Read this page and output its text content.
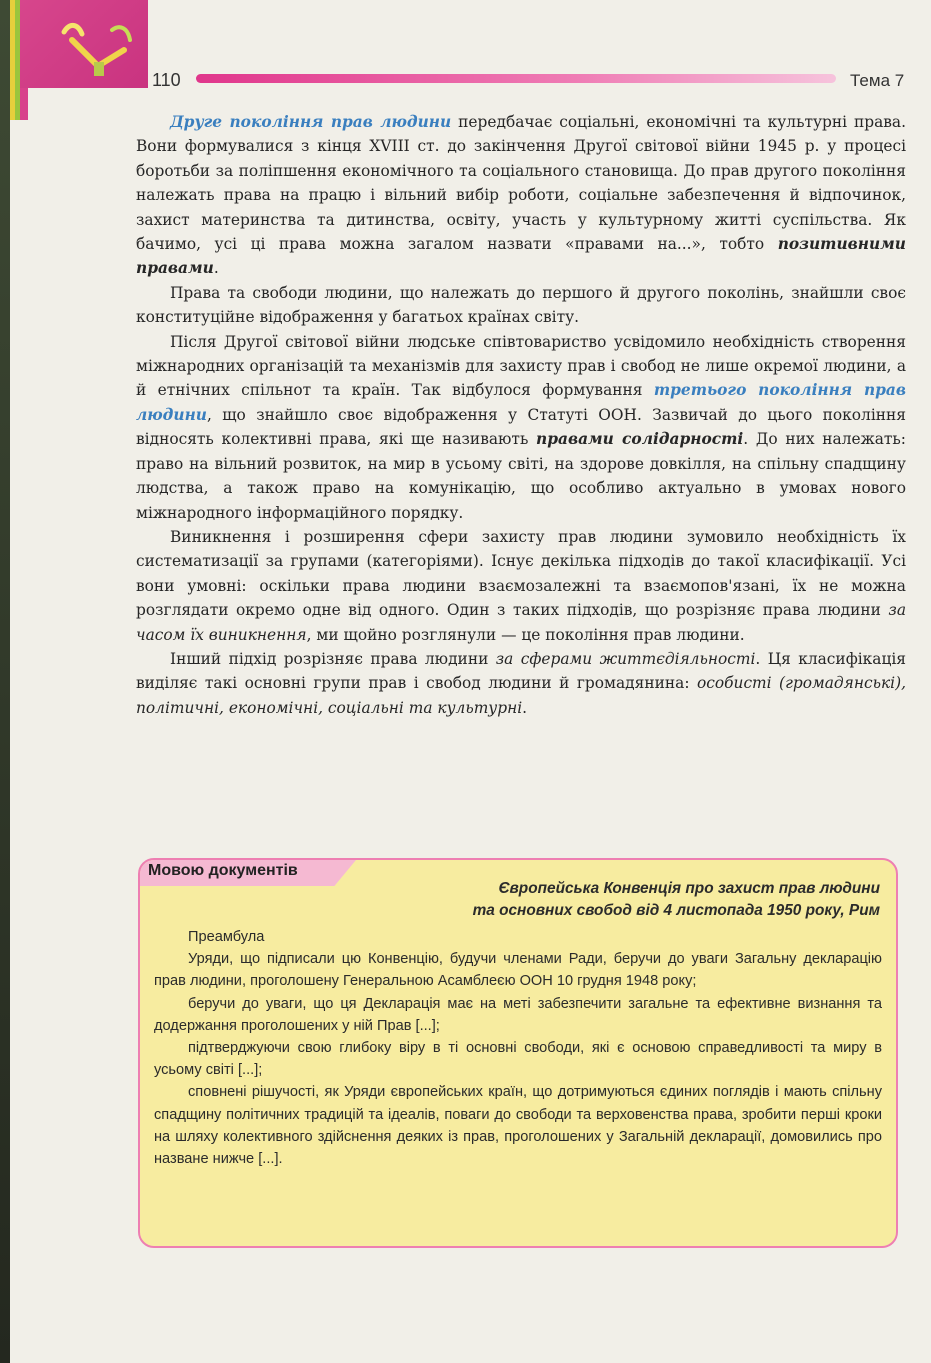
110	Тема 7

Друге покоління прав людини передбачає соціальні, економічні та культурні права. Вони формувалися з кінця XVIII ст. до закінчення Другої світової війни 1945 р. у процесі боротьби за поліпшення економічного та соціального становища. До прав другого покоління належать права на працю і вільний вибір роботи, соціальне забезпечення й відпочинок, захист материнства та дитинства, освіту, участь у культурному житті суспільства. Як бачимо, усі ці права можна загалом назвати «правами на...», тобто позитивними правами.

Права та свободи людини, що належать до першого й другого поколінь, знайшли своє конституційне відображення у багатьох країнах світу.

Після Другої світової війни людське співтовариство усвідомило необхідність створення міжнародних організацій та механізмів для захисту прав і свобод не лише окремої людини, а й етнічних спільнот та країн. Так відбулося формування третього покоління прав людини, що знайшло своє відображення у Статуті ООН. Зазвичай до цього покоління відносять колективні права, які ще називають правами солідарності. До них належать: право на вільний розвиток, на мир в усьому світі, на здорове довкілля, на спільну спадщину людства, а також право на комунікацію, що особливо актуально в умовах нового міжнародного інформаційного порядку.

Виникнення і розширення сфери захисту прав людини зумовило необхідність їх систематизації за групами (категоріями). Існує декілька підходів до такої класифікації. Усі вони умовні: оскільки права людини взаємозалежні та взаємопов'язані, їх не можна розглядати окремо одне від одного. Один з таких підходів, що розрізняє права людини за часом їх виникнення, ми щойно розглянули — це покоління прав людини.

Інший підхід розрізняє права людини за сферами життєдіяльності. Ця класифікація виділяє такі основні групи прав і свобод людини й громадянина: особисті (громадянські), політичні, економічні, соціальні та культурні.

Мовою документів
Європейська Конвенція про захист прав людини
та основних свобод від 4 листопада 1950 року, Рим

Преамбула

Уряди, що підписали цю Конвенцію, будучи членами Ради, беручи до уваги Загальну декларацію прав людини, проголошену Генеральною Асамблеєю ООН 10 грудня 1948 року;

беручи до уваги, що ця Декларація має на меті забезпечити загальне та ефективне визнання та додержання проголошених у ній Прав [...];

підтверджуючи свою глибоку віру в ті основні свободи, які є основою справедливості та миру в усьому світі [...];

сповнені рішучості, як Уряди європейських країн, що дотримуються єдиних поглядів і мають спільну спадщину політичних традицій та ідеалів, поваги до свободи та верховенства права, зробити перші кроки на шляху колективного здійснення деяких із прав, проголошених у Загальній декларації, домовились про назване нижче [...].
